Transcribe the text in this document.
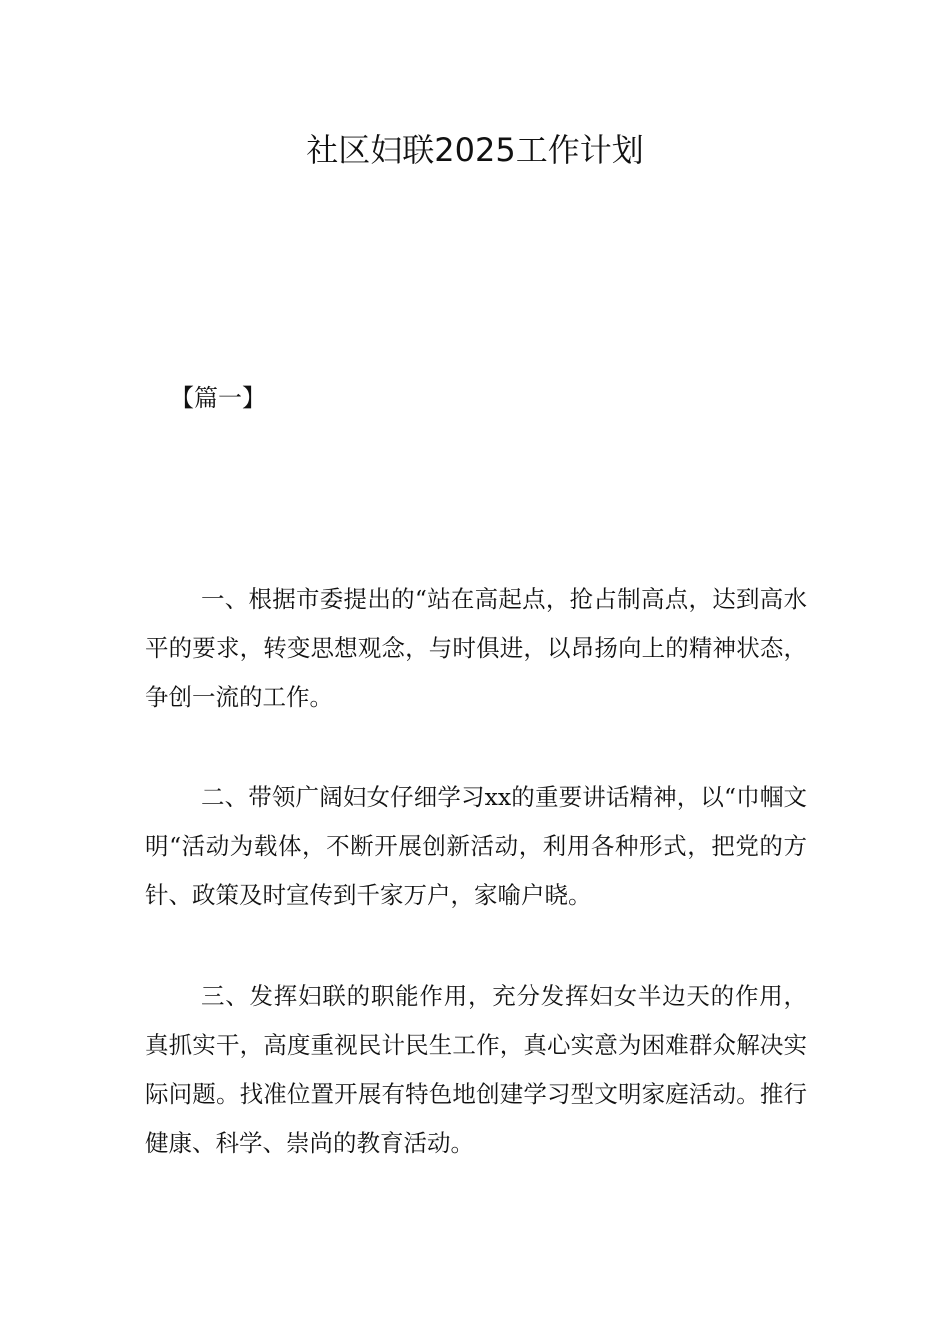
社区妇联2025工作计划

【篇一】

一、根据市委提出的“站在高起点，抢占制高点，达到高水平的要求，转变思想观念，与时俱进，以昂扬向上的精神状态，争创一流的工作。

二、带领广阔妇女仔细学习xx的重要讲话精神，以“巾帼文明“活动为载体，不断开展创新活动，利用各种形式，把党的方针、政策及时宣传到千家万户，家喻户晓。

三、发挥妇联的职能作用，充分发挥妇女半边天的作用，真抓实干，高度重视民计民生工作，真心实意为困难群众解决实际问题。找准位置开展有特色地创建学习型文明家庭活动。推行健康、科学、崇尚的教育活动。
